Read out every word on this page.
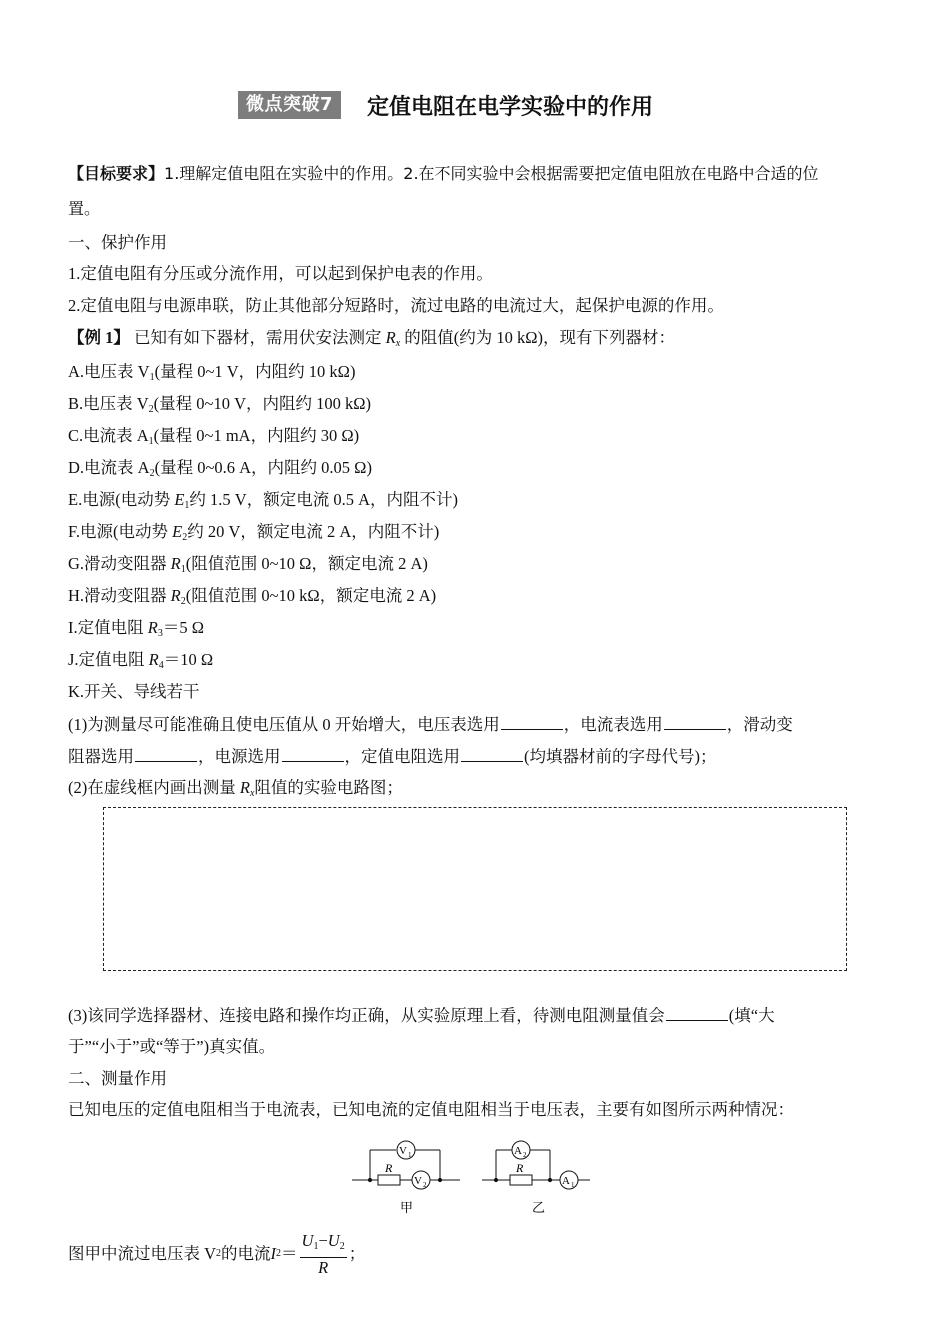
微点突破7	定值电阻在电学实验中的作用
【目标要求】1.理解定值电阻在实验中的作用。2.在不同实验中会根据需要把定值电阻放在电路中合适的位
置。
一、保护作用
1.定值电阻有分压或分流作用，可以起到保护电表的作用。
2.定值电阻与电源串联，防止其他部分短路时，流过电路的电流过大，起保护电源的作用。
【例 1】 已知有如下器材，需用伏安法测定 $R_x$ 的阻值(约为 10 kΩ)，现有下列器材：
A.电压表 $V_1$(量程 0~1 V，内阻约 10 kΩ)
B.电压表 $V_2$(量程 0~10 V，内阻约 100 kΩ)
C.电流表 $A_1$(量程 0~1 mA，内阻约 30 Ω)
D.电流表 $A_2$(量程 0~0.6 A，内阻约 0.05 Ω)
E.电源(电动势 $E_1$约 1.5 V，额定电流 0.5 A，内阻不计)
F.电源(电动势 $E_2$约 20 V，额定电流 2 A，内阻不计)
G.滑动变阻器 $R_1$(阻值范围 0~10 Ω，额定电流 2 A)
H.滑动变阻器 $R_2$(阻值范围 0~10 kΩ，额定电流 2 A)
I.定值电阻 $R_3=5$ Ω
J.定值电阻 $R_4=10$ Ω
K.开关、导线若干
(1)为测量尽可能准确且使电压值从 0 开始增大，电压表选用	，电流表选用	，滑动变
阻器选用	，电源选用	，定值电阻选用	(均填器材前的字母代号)；
(2)在虚线框内画出测量 $R_x$阻值的实验电路图；
(3)该同学选择器材、连接电路和操作均正确，从实验原理上看，待测电阻测量值会	(填“大
于”“小于”或“等于”)真实值。
二、测量作用
已知电压的定值电阻相当于电流表，已知电流的定值电阻相当于电压表，主要有如图所示两种情况：
V 1
V 2
R
甲
A 2
A 1
R
乙
图甲中流过电压表 V 2 的电流 I $2 = \frac{U_1-U_2}{R}$ ；
